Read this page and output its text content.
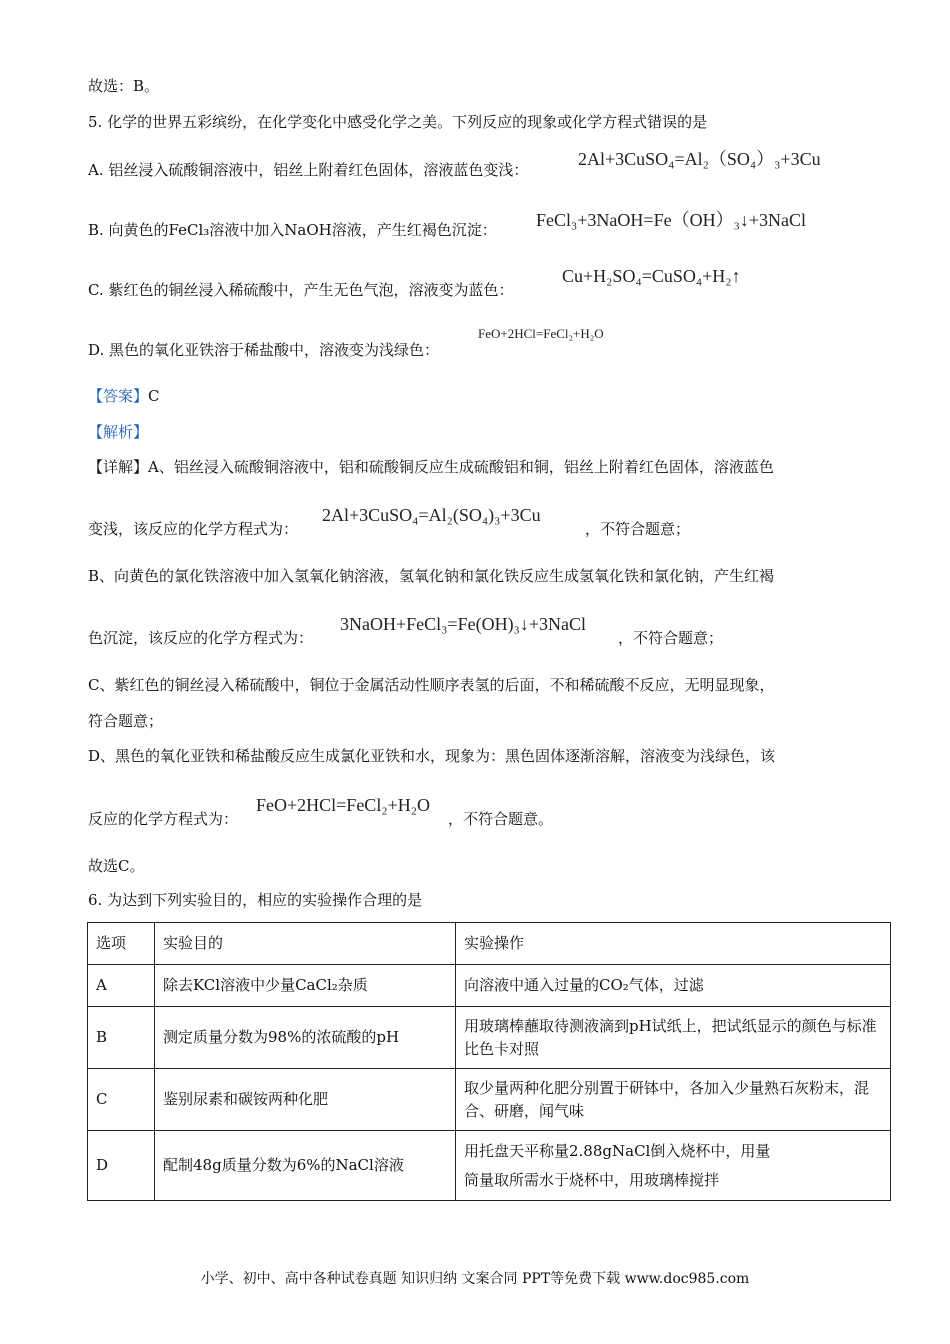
故选：B。
5. 化学的世界五彩缤纷，在化学变化中感受化学之美。下列反应的现象或化学方程式错误的是
A. 铝丝浸入硫酸铜溶液中，铝丝上附着红色固体，溶液蓝色变浅：
2Al+3CuSO₄=Al₂（SO₄）₃+3Cu
B. 向黄色的FeCl₃溶液中加入NaOH溶液，产生红褐色沉淀： FeCl₃+3NaOH=Fe（OH）₃↓+3NaCl
C. 紫红色的铜丝浸入稀硫酸中，产生无色气泡，溶液变为蓝色：
Cu+H₂SO₄=CuSO₄+H₂↑
D. 黑色的氧化亚铁溶于稀盐酸中，溶液变为浅绿色：
FeO+2HCl=FeCl₂+H₂O
【答案】C
【解析】
【详解】A、铝丝浸入硫酸铜溶液中，铝和硫酸铜反应生成硫酸铝和铜，铝丝上附着红色固体，溶液蓝色
变浅，该反应的化学方程式为：
2Al+3CuSO₄=Al₂(SO₄)₃+3Cu
，不符合题意；
B、向黄色的氯化铁溶液中加入氢氧化钠溶液，氢氧化钠和氯化铁反应生成氢氧化铁和氯化钠，产生红褐
色沉淀，该反应的化学方程式为：
3NaOH+FeCl₃=Fe(OH)₃↓+3NaCl
，不符合题意；
C、紫红色的铜丝浸入稀硫酸中，铜位于金属活动性顺序表氢的后面，不和稀硫酸不反应，无明显现象，
符合题意；
D、黑色的氧化亚铁和稀盐酸反应生成氯化亚铁和水，现象为：黑色固体逐渐溶解，溶液变为浅绿色，该
反应的化学方程式为：
FeO+2HCl=FeCl₂+H₂O
，不符合题意。
故选C。
6. 为达到下列实验目的，相应的实验操作合理的是
选项	实验目的	实验操作
A	除去KCl溶液中少量CaCl₂杂质	向溶液中通入过量的CO₂气体，过滤
B	测定质量分数为98%的浓硫酸的pH	用玻璃棒蘸取待测液滴到pH试纸上，把试纸显示的颜色与标准比色卡对照
C	鉴别尿素和碳铵两种化肥	取少量两种化肥分别置于研钵中，各加入少量熟石灰粉末，混合、研磨，闻气味
D	配制48g质量分数为6%的NaCl溶液	用托盘天平称量2.88gNaCl倒入烧杯中，用量
筒量取所需水于烧杯中，用玻璃棒搅拌
小学、初中、高中各种试卷真题 知识归纳 文案合同 PPT等免费下载 www.doc985.com
